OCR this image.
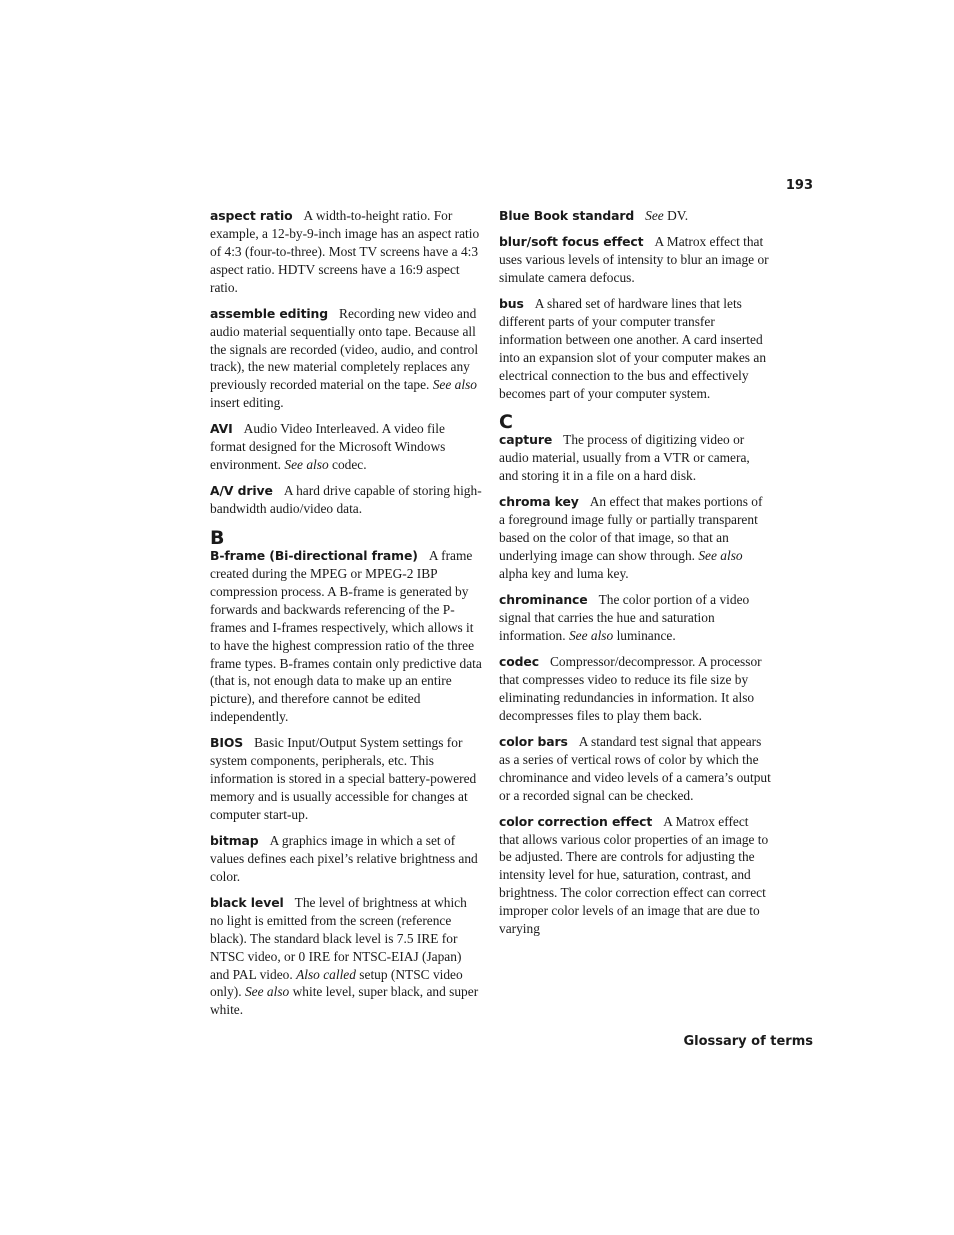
193

aspect ratio A width-to-height ratio. For example, a 12-by-9-inch image has an aspect ratio of 4:3 (four-to-three). Most TV screens have a 4:3 aspect ratio. HDTV screens have a 16:9 aspect ratio.

assemble editing Recording new video and audio material sequentially onto tape. Because all the signals are recorded (video, audio, and control track), the new material completely replaces any previously recorded material on the tape. See also insert editing.

AVI Audio Video Interleaved. A video file format designed for the Microsoft Windows environment. See also codec.

A/V drive A hard drive capable of storing high-bandwidth audio/video data.

B

B-frame (Bi-directional frame) A frame created during the MPEG or MPEG-2 IBP compression process. A B-frame is generated by forwards and backwards referencing of the P-frames and I-frames respectively, which allows it to have the highest compression ratio of the three frame types. B-frames contain only predictive data (that is, not enough data to make up an entire picture), and therefore cannot be edited independently.

BIOS Basic Input/Output System settings for system components, peripherals, etc. This information is stored in a special battery-powered memory and is usually accessible for changes at computer start-up.

bitmap A graphics image in which a set of values defines each pixel’s relative brightness and color.

black level The level of brightness at which no light is emitted from the screen (reference black). The standard black level is 7.5 IRE for NTSC video, or 0 IRE for NTSC-EIAJ (Japan) and PAL video. Also called setup (NTSC video only). See also white level, super black, and super white.

Blue Book standard See DV.

blur/soft focus effect A Matrox effect that uses various levels of intensity to blur an image or simulate camera defocus.

bus A shared set of hardware lines that lets different parts of your computer transfer information between one another. A card inserted into an expansion slot of your computer makes an electrical connection to the bus and effectively becomes part of your computer system.

C

capture The process of digitizing video or audio material, usually from a VTR or camera, and storing it in a file on a hard disk.

chroma key An effect that makes portions of a foreground image fully or partially transparent based on the color of that image, so that an underlying image can show through. See also alpha key and luma key.

chrominance The color portion of a video signal that carries the hue and saturation information. See also luminance.

codec Compressor/decompressor. A processor that compresses video to reduce its file size by eliminating redundancies in information. It also decompresses files to play them back.

color bars A standard test signal that appears as a series of vertical rows of color by which the chrominance and video levels of a camera’s output or a recorded signal can be checked.

color correction effect A Matrox effect that allows various color properties of an image to be adjusted. There are controls for adjusting the intensity level for hue, saturation, contrast, and brightness. The color correction effect can correct improper color levels of an image that are due to varying

Glossary of terms
